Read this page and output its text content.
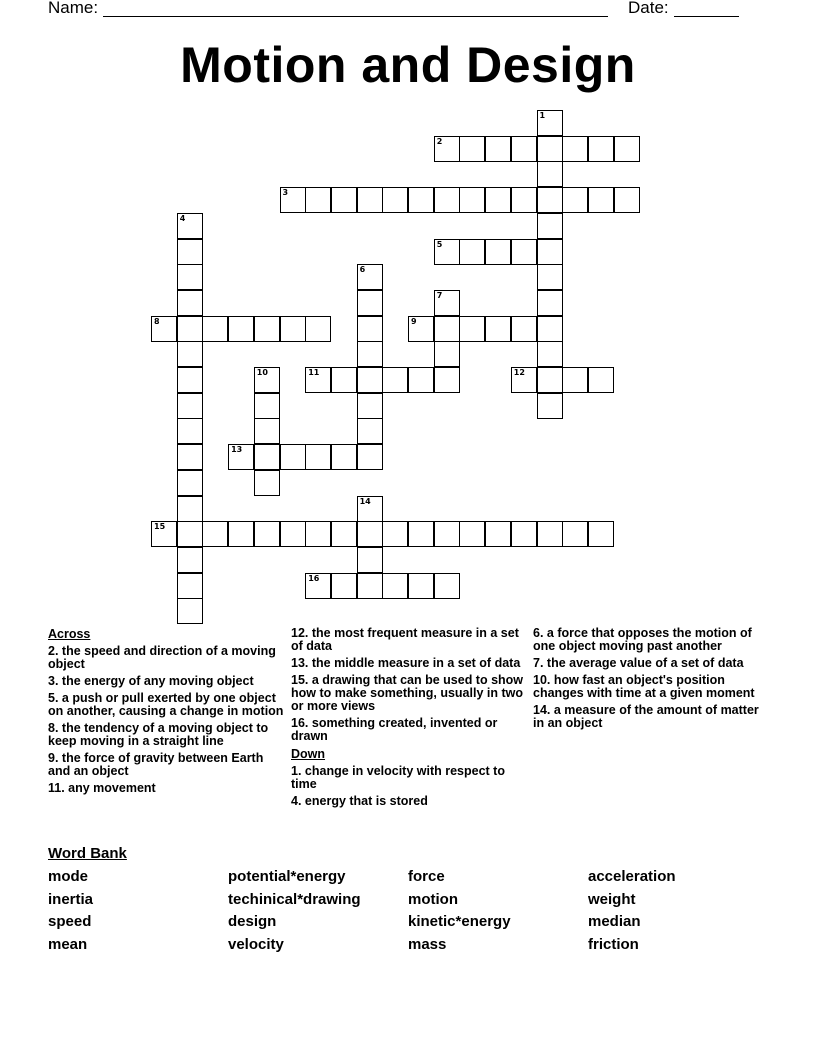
Name:	Date:
Motion and Design
1
2
3
4
5
6
7
8	9
10	11	12
13
14
15
16
Across
2. the speed and direction of a moving object
3. the energy of any moving object
5. a push or pull exerted by one object on another, causing a change in motion
8. the tendency of a moving object to keep moving in a straight line
9. the force of gravity between Earth and an object
11. any movement
12. the most frequent measure in a set of data
13. the middle measure in a set of data
15. a drawing that can be used to show how to make something, usually in two or more views
16. something created, invented or drawn
Down
1. change in velocity with respect to time
4. energy that is stored
6. a force that opposes the motion of one object moving past another
7. the average value of a set of data
10. how fast an object's position changes with time at a given moment
14. a measure of the amount of matter in an object
Word Bank
mode	potential*energy	force	acceleration
inertia	techinical*drawing	motion	weight
speed	design	kinetic*energy	median
mean	velocity	mass	friction
